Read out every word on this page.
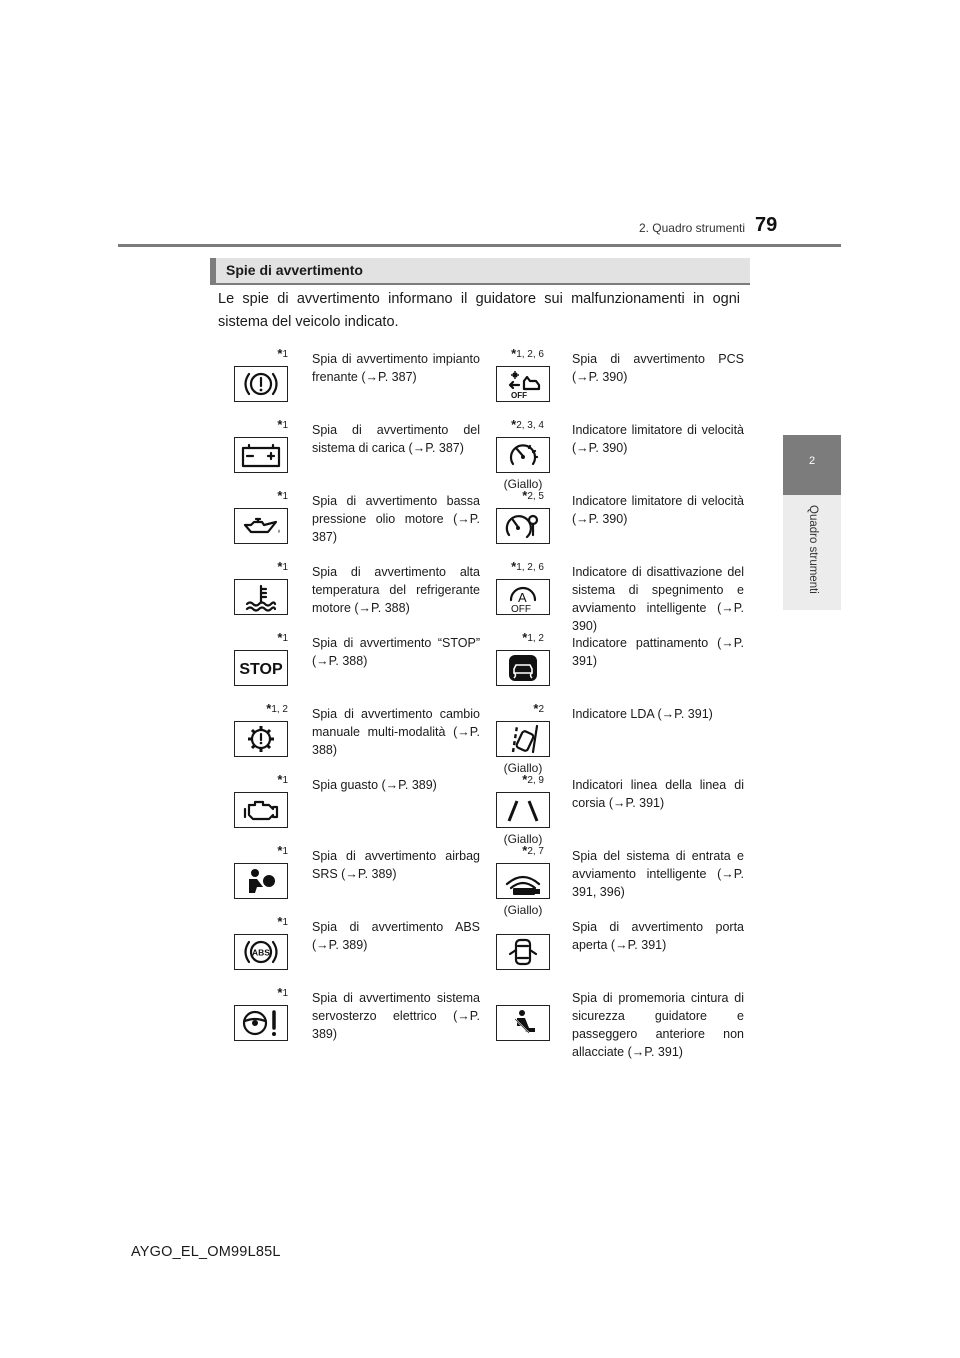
2. Quadro strumenti 79
2
Quadro strumenti
Spie di avvertimento
Le spie di avvertimento informano il guidatore sui malfunzionamenti in ogni sistema del veicolo indicato.
*1 Spia di avvertimento impianto frenante (→P. 387)
*1, 2, 6
OFF
Spia di avvertimento PCS (→P. 390)
*1 Spia di avvertimento del sistema di carica (→P. 387)
*2, 3, 4
(Giallo)
Indicatore limitatore di velocità (→P. 390)
*1 Spia di avvertimento bassa pressione olio motore (→P. 387)
*2, 5 Indicatore limitatore di velocità (→P. 390)
*1 Spia di avvertimento alta temperatura del refrigerante motore (→P. 388)
*1, 2, 6
A
OFF
Indicatore di disattivazione del sistema di spegnimento e avviamento intelligente (→P. 390)
*1
STOP
Spia di avvertimento “STOP” (→P. 388)
*1, 2 Indicatore pattinamento (→P. 391)
*1, 2 Spia di avvertimento cambio manuale multi-modalità (→P. 388)
*2
(Giallo)
Indicatore LDA (→P. 391)
*1 Spia guasto (→P. 389)	*2, 9
(Giallo)
Indicatori linea della linea di corsia (→P. 391)
*1 Spia di avvertimento airbag SRS (→P. 389)
*2, 7
(Giallo)
Spia del sistema di entrata e avviamento intelligente (→P. 391, 396)
*1
ABS
Spia di avvertimento ABS (→P. 389)
Spia di avvertimento porta aperta (→P. 391)
*1 Spia di avvertimento sistema servosterzo elettrico (→P. 389)
Spia di promemoria cintura di sicurezza guidatore e passeggero anteriore non allacciate (→P. 391)
AYGO_EL_OM99L85L
